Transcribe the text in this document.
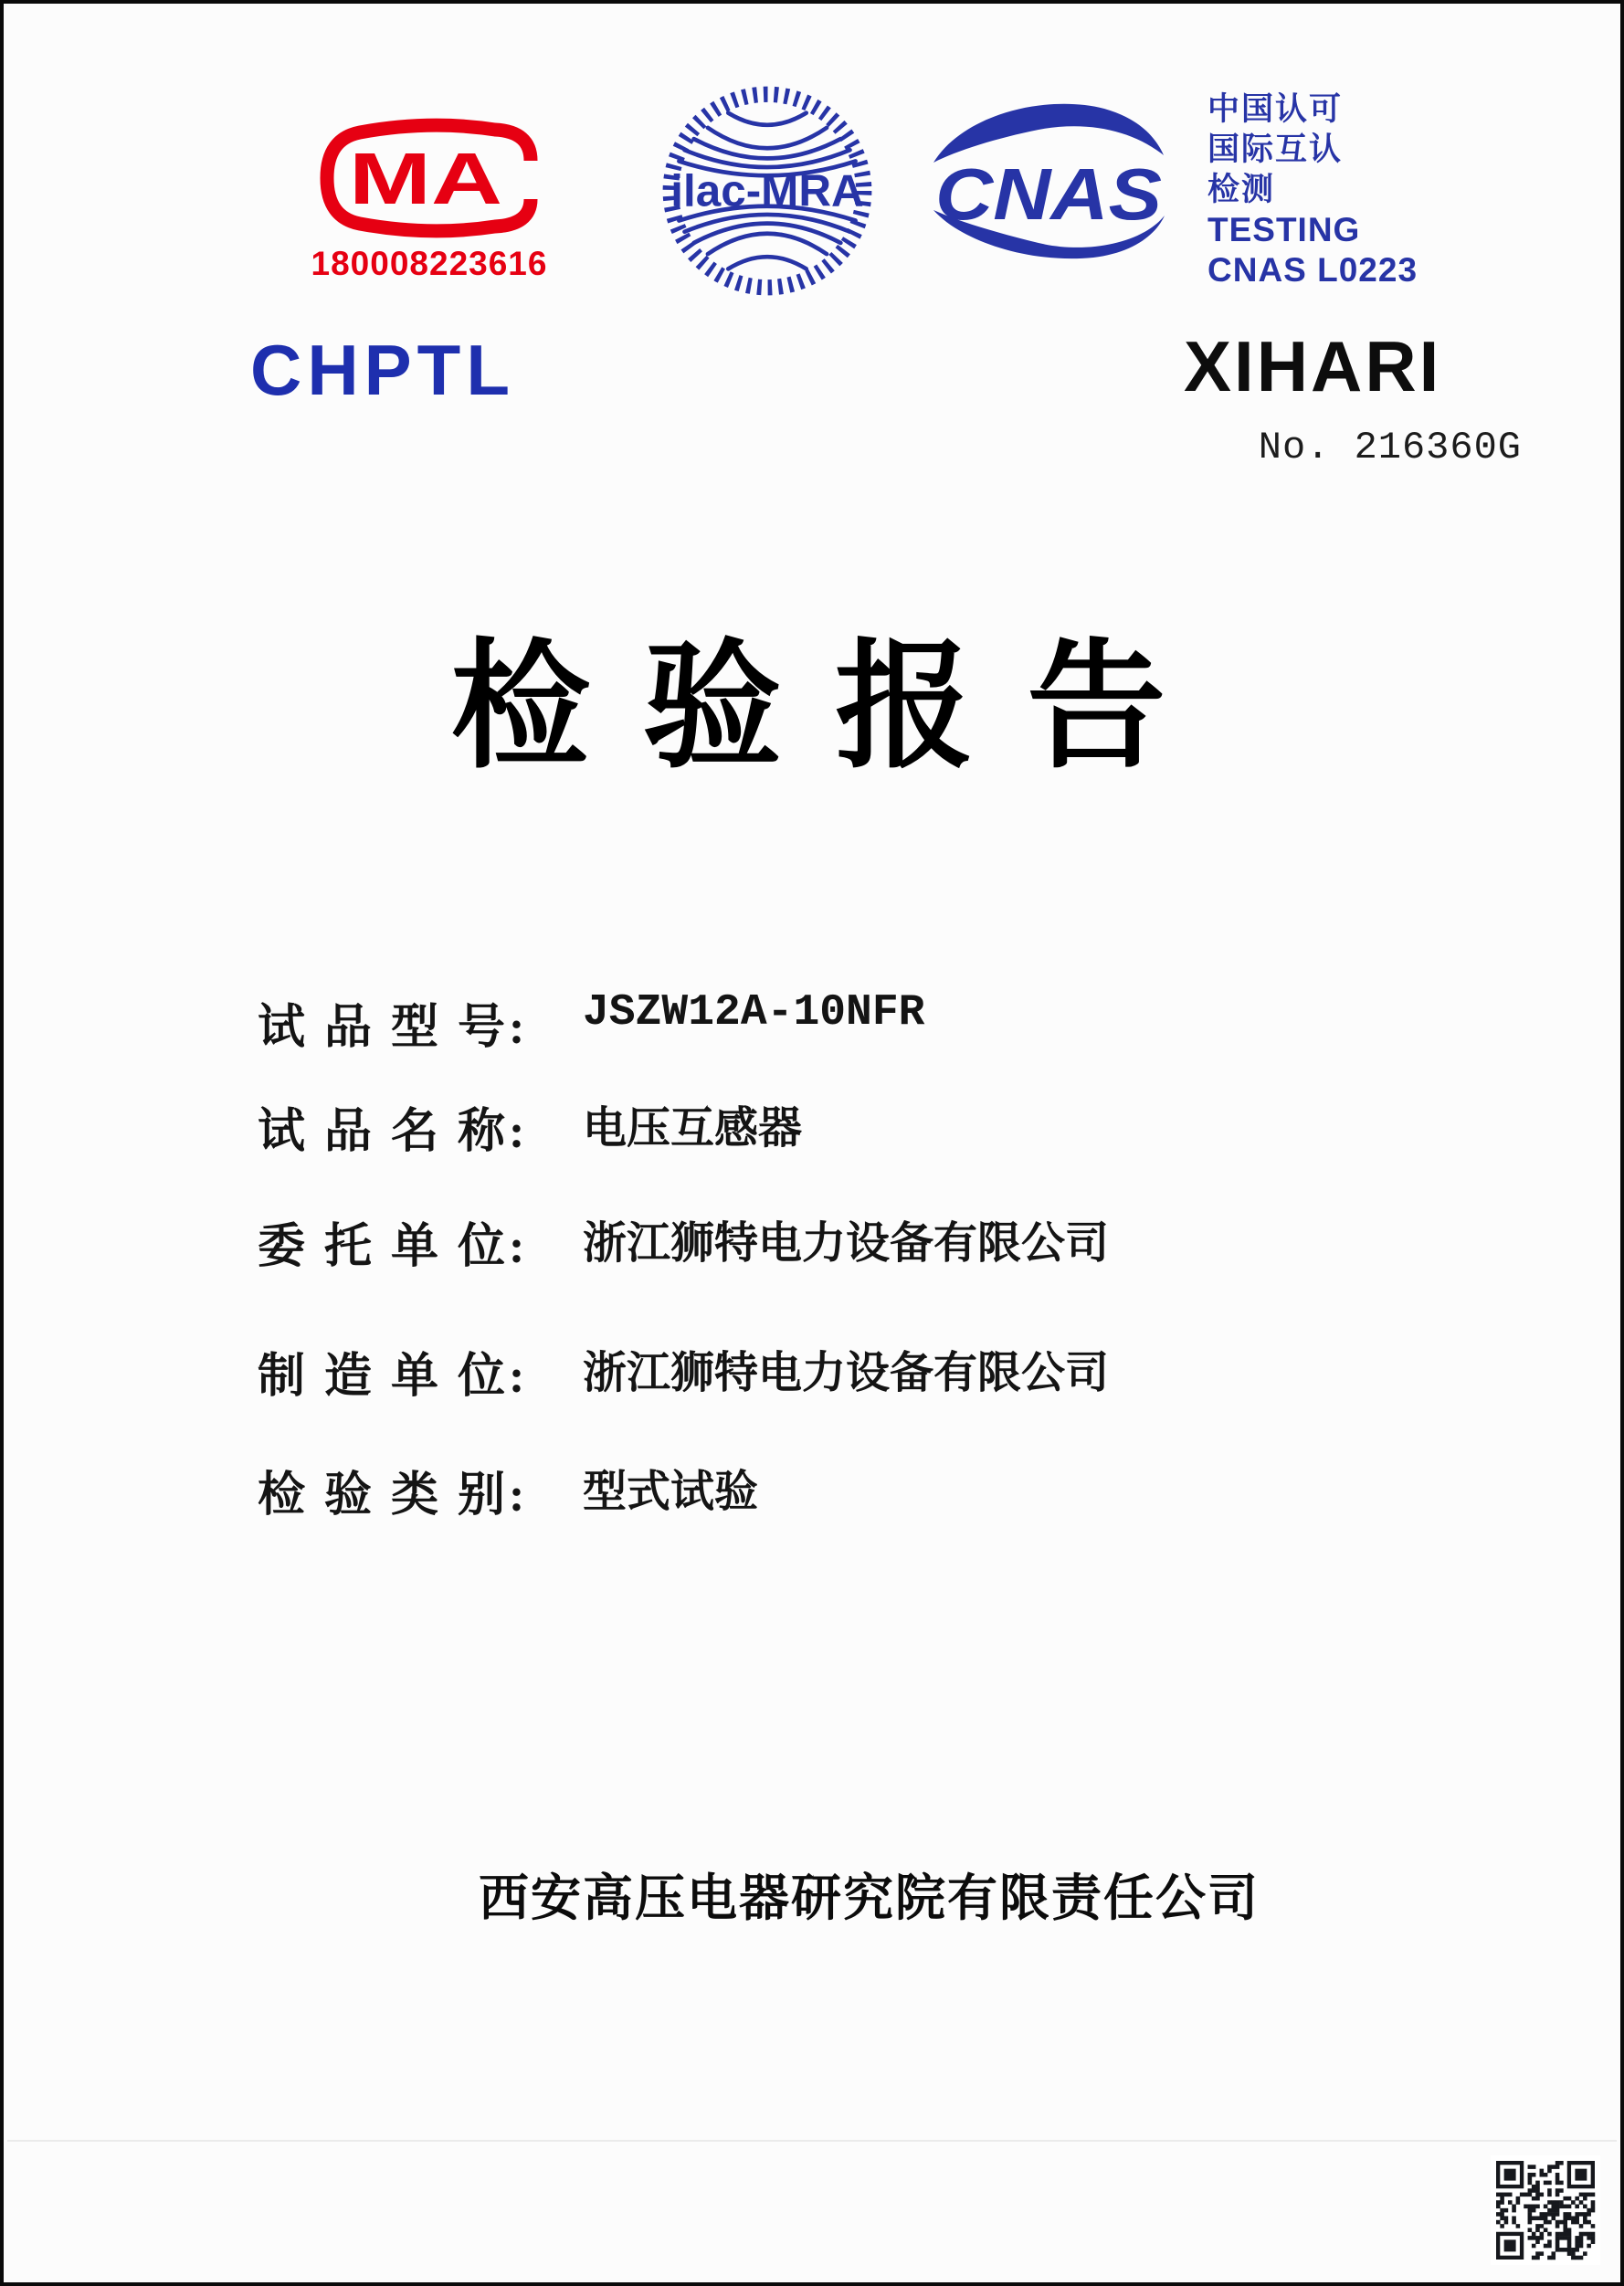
MA
180008223616
CHPTL
ilac-MRA CNAS
中国认可
国际互认
检测
TESTING
CNAS L0223
XIHARI
No. 216360G
检 验 报 告
试 品 型 号: JSZW12A-10NFR
试 品 名 称: 电压互感器
委 托 单 位: 浙江狮特电力设备有限公司
制 造 单 位: 浙江狮特电力设备有限公司
检 验 类 别: 型式试验
西安高压电器研究院有限责任公司
